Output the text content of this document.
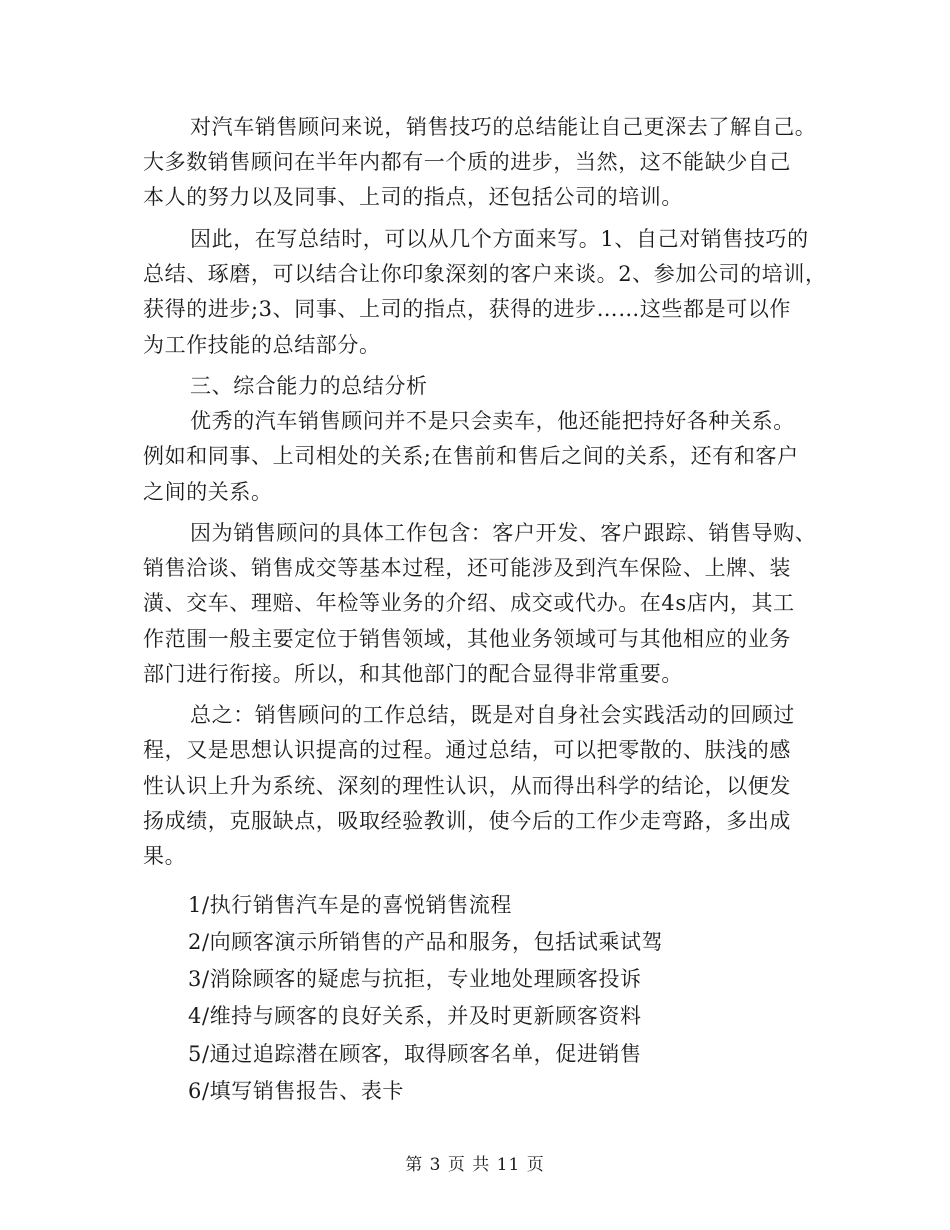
对汽车销售顾问来说，销售技巧的总结能让自己更深去了解自己。
大多数销售顾问在半年内都有一个质的进步，当然，这不能缺少自己
本人的努力以及同事、上司的指点，还包括公司的培训。
因此，在写总结时，可以从几个方面来写。1、自己对销售技巧的
总结、琢磨，可以结合让你印象深刻的客户来谈。2、参加公司的培训，
获得的进步;3、同事、上司的指点，获得的进步……这些都是可以作
为工作技能的总结部分。
三、综合能力的总结分析
优秀的汽车销售顾问并不是只会卖车，他还能把持好各种关系。
例如和同事、上司相处的关系;在售前和售后之间的关系，还有和客户
之间的关系。
因为销售顾问的具体工作包含：客户开发、客户跟踪、销售导购、
销售洽谈、销售成交等基本过程，还可能涉及到汽车保险、上牌、装
潢、交车、理赔、年检等业务的介绍、成交或代办。在4s店内，其工
作范围一般主要定位于销售领域，其他业务领域可与其他相应的业务
部门进行衔接。所以，和其他部门的配合显得非常重要。
总之：销售顾问的工作总结，既是对自身社会实践活动的回顾过
程，又是思想认识提高的过程。通过总结，可以把零散的、肤浅的感
性认识上升为系统、深刻的理性认识，从而得出科学的结论，以便发
扬成绩，克服缺点，吸取经验教训，使今后的工作少走弯路，多出成
果。
1/执行销售汽车是的喜悦销售流程
2/向顾客演示所销售的产品和服务，包括试乘试驾
3/消除顾客的疑虑与抗拒，专业地处理顾客投诉
4/维持与顾客的良好关系，并及时更新顾客资料
5/通过追踪潜在顾客，取得顾客名单，促进销售
6/填写销售报告、表卡
第 3 页 共 11 页
